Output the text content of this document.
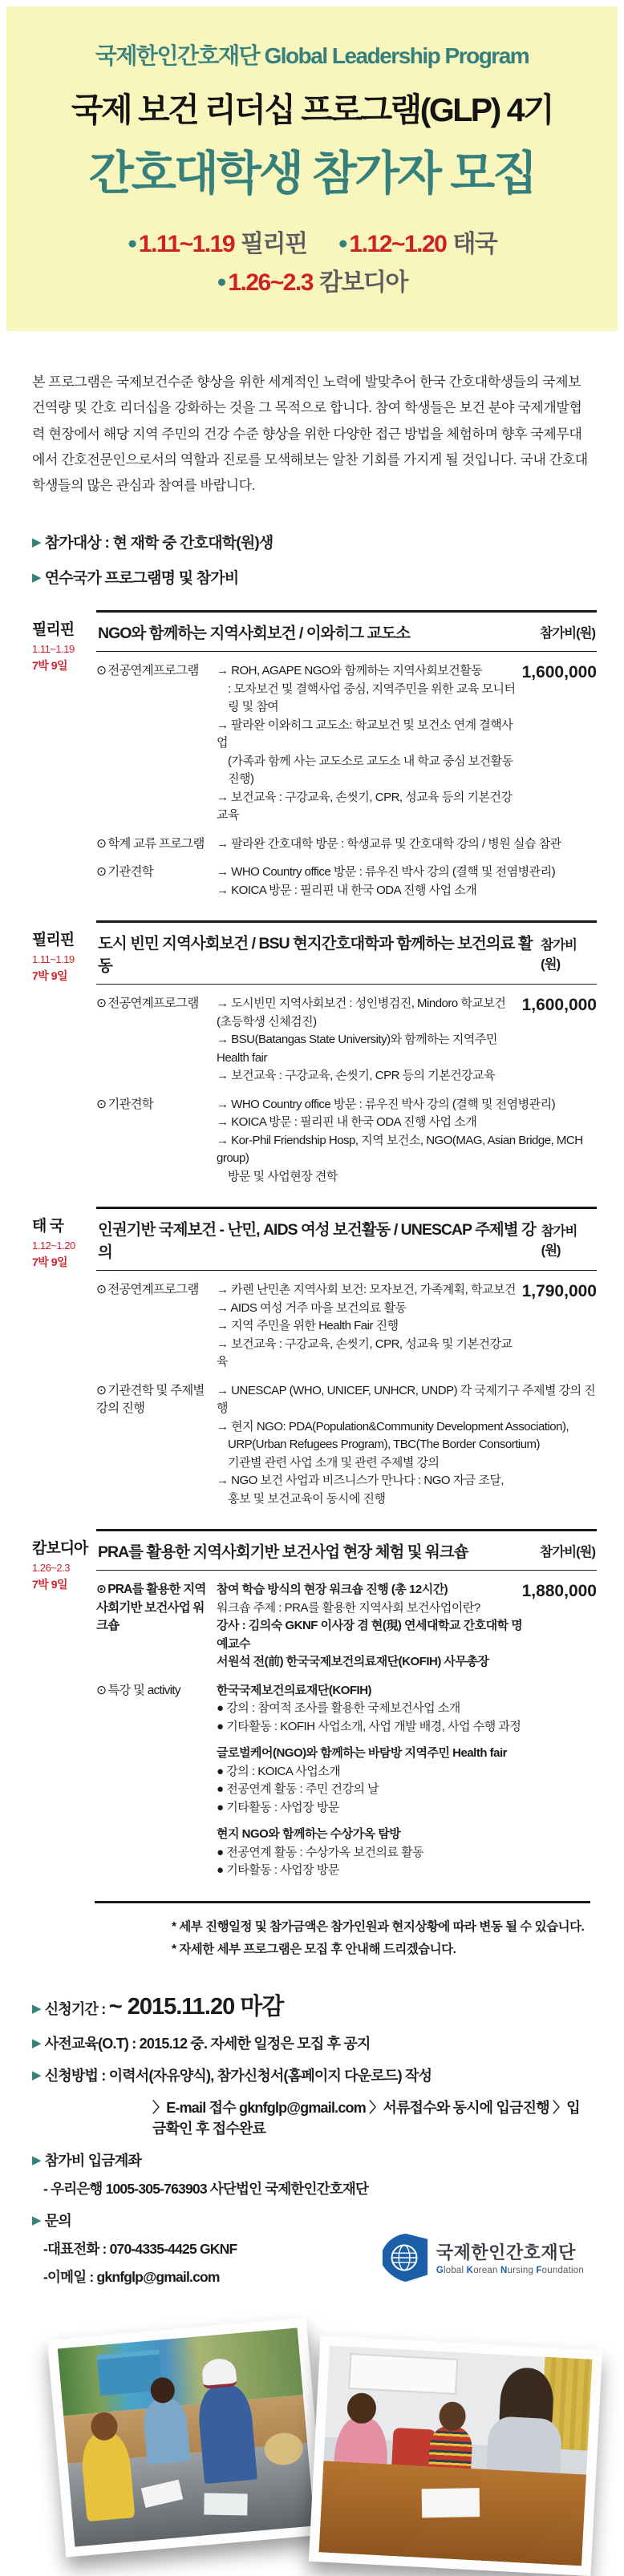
국제한인간호재단 Global Leadership Program
국제 보건 리더십 프로그램(GLP) 4기
간호대학생 참가자 모집
● 1.11~1.19 필리핀 ● 1.12~1.20 태국
● 1.26~2.3 캄보디아

본 프로그램은 국제보건수준 향상을 위한 세계적인 노력에 발맞추어 한국 간호대학생들의 국제보건역량 및 간호 리더십을 강화하는 것을 그 목적으로 합니다. 참여 학생들은 보건 분야 국제개발협력 현장에서 해당 지역 주민의 건강 수준 향상을 위한 다양한 접근 방법을 체험하며 향후 국제무대에서 간호전문인으로서의 역할과 진로를 모색해보는 알찬 기회를 가지게 될 것입니다. 국내 간호대학생들의 많은 관심과 참여를 바랍니다.

▶ 참가대상 : 현 재학 중 간호대학(원)생
▶ 연수국가 프로그램명 및 참가비
필리핀
1.11~1.19
7박 9일
NGO와 함께하는 지역사회보건 / 이와히그 교도소	참가비(원)
⊙ 전공연계프로그램	→ ROH, AGAPE NGO와 함께하는 지역사회보건활동
: 모자보건 및 결핵사업 중심, 지역주민을 위한 교육 모니터링 및 참여
→ 팔라완 이와히그 교도소: 학교보건 및 보건소 연계 결핵사업
(가족과 함께 사는 교도소로 교도소 내 학교 중심 보건활동 진행)
→ 보건교육 : 구강교육, 손씻기, CPR, 성교육 등의 기본건강교육
1,600,000
⊙ 학계 교류 프로그램	→ 팔라완 간호대학 방문 : 학생교류 및 간호대학 강의 / 병원 실습 참관
⊙ 기관견학	→ WHO Country office 방문 : 류우진 박사 강의 (결핵 및 전염병관리)
→ KOICA 방문 : 필리핀 내 한국 ODA 진행 사업 소개
필리핀
1.11~1.19
7박 9일
도시 빈민 지역사회보건 / BSU 현지간호대학과 함께하는 보건의료 활동
참가비(원)
⊙ 전공연계프로그램	→ 도시빈민 지역사회보건 : 성인병검진, Mindoro 학교보건 (초등학생 신체검진)
→ BSU(Batangas State University)와 함께하는 지역주민 Health fair
→ 보건교육 : 구강교육, 손씻기, CPR 등의 기본건강교육
1,600,000
⊙ 기관견학	→ WHO Country office 방문 : 류우진 박사 강의 (결핵 및 전염병관리)
→ KOICA 방문 : 필리핀 내 한국 ODA 진행 사업 소개
→ Kor-Phil Friendship Hosp, 지역 보건소, NGO(MAG, Asian Bridge, MCH group)
방문 및 사업현장 견학
태 국
1.12~1.20
7박 9일
인권기반 국제보건 - 난민, AIDS 여성 보건활동 / UNESCAP 주제별 강의
참가비(원)
⊙ 전공연계프로그램	→ 카렌 난민촌 지역사회 보건: 모자보건, 가족계획, 학교보건
→ AIDS 여성 거주 마을 보건의료 활동
→ 지역 주민을 위한 Health Fair 진행
→ 보건교육 : 구강교육, 손씻기, CPR, 성교육 및 기본건강교육
1,790,000
⊙ 기관견학 및 주제별 강의 진행
→ UNESCAP (WHO, UNICEF, UNHCR, UNDP) 각 국제기구 주제별 강의 진행
→ 현지 NGO: PDA(Population&Community Development Association),
URP(Urban Refugees Program), TBC(The Border Consortium)
기관별 관련 사업 소개 및 관련 주제별 강의
→ NGO 보건 사업과 비즈니스가 만나다 : NGO 자금 조달,
홍보 및 보건교육이 동시에 진행
캄보디아
1.26~2.3
7박 9일
PRA를 활용한 지역사회기반 보건사업 현장 체험 및 워크숍	참가비(원)
⊙ PRA를 활용한 지역사회기반 보건사업 워크숍
참여 학습 방식의 현장 워크숍 진행 (총 12시간)
워크숍 주제 : PRA를 활용한 지역사회 보건사업이란?
강사 : 김의숙 GKNF 이사장 겸 현(現) 연세대학교 간호대학 명예교수
서원석 전(前) 한국국제보건의료재단(KOFIH) 사무총장
1,880,000
⊙ 특강 및 activity	한국국제보건의료재단(KOFIH)
● 강의 : 참여적 조사를 활용한 국제보건사업 소개
● 기타활동 : KOFIH 사업소개, 사업 개발 배경, 사업 수행 과정
글로벌케어(NGO)와 함께하는 바탐방 지역주민 Health fair
● 강의 : KOICA 사업소개
● 전공연계 활동 : 주민 건강의 날
● 기타활동 : 사업장 방문
현지 NGO와 함께하는 수상가옥 탐방
● 전공연계 활동 : 수상가옥 보건의료 활동
● 기타활동 : 사업장 방문
* 세부 진행일정 및 참가금액은 참가인원과 현지상황에 따라 변동 될 수 있습니다.
* 자세한 세부 프로그램은 모집 후 안내해 드리겠습니다.
▶ 신청기간 : ~ 2015.11.20 마감
▶ 사전교육(O.T) : 2015.12 중. 자세한 일정은 모집 후 공지
▶ 신청방법 : 이력서(자유양식), 참가신청서(홈페이지 다운로드) 작성
〉E-mail 접수 gknfglp@gmail.com 〉서류접수와 동시에 입금진행 〉입금확인 후 접수완료
▶ 참가비 입금계좌
- 우리은행 1005-305-763903 사단법인 국제한인간호재단
▶ 문의
-대표전화 : 070-4335-4425 GKNF
-이메일 : gknfglp@gmail.com
국제한인간호재단
Global Korean Nursing Foundation
